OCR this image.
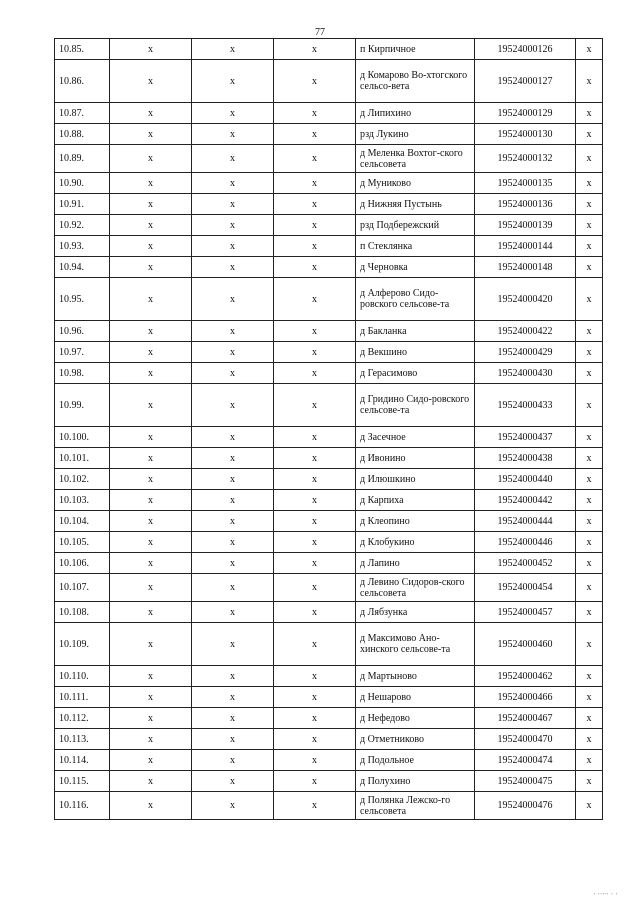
77
10.85.	x	x	x	п Кирпичное	19524000126	x
10.86.	x	x	x	д Комарово Во-хтогского сельсо-вета	19524000127	x
10.87.	x	x	x	д Липихино	19524000129	x
10.88.	x	x	x	рзд Лукино	19524000130	x
10.89.	x	x	x	д Меленка Вохтог-ского сельсовета	19524000132	x
10.90.	x	x	x	д Муниково	19524000135	x
10.91.	x	x	x	д Нижняя Пустынь	19524000136	x
10.92.	x	x	x	рзд Подбережский	19524000139	x
10.93.	x	x	x	п Стеклянка	19524000144	x
10.94.	x	x	x	д Черновка	19524000148	x
10.95.	x	x	x	д Алферово Сидо-ровского сельсове-та	19524000420	x
10.96.	x	x	x	д Бакланка	19524000422	x
10.97.	x	x	x	д Векшино	19524000429	x
10.98.	x	x	x	д Герасимово	19524000430	x
10.99.	x	x	x	д Гридино Сидо-ровского сельсове-та	19524000433	x
10.100.	x	x	x	д Засечное	19524000437	x
10.101.	x	x	x	д Ивонино	19524000438	x
10.102.	x	x	x	д Илюшкино	19524000440	x
10.103.	x	x	x	д Карпиха	19524000442	x
10.104.	x	x	x	д Клеопино	19524000444	x
10.105.	x	x	x	д Клобукино	19524000446	x
10.106.	x	x	x	д Лапино	19524000452	x
10.107.	x	x	x	д Левино Сидоров-ского сельсовета	19524000454	x
10.108.	x	x	x	д Лябзунка	19524000457	x
10.109.	x	x	x	д Максимово Ано-хинского сельсове-та	19524000460	x
10.110.	x	x	x	д Мартыново	19524000462	x
10.111.	x	x	x	д Нешарово	19524000466	x
10.112.	x	x	x	д Нефедово	19524000467	x
10.113.	x	x	x	д Отметниково	19524000470	x
10.114.	x	x	x	д Подольное	19524000474	x
10.115.	x	x	x	д Полухино	19524000475	x
10.116.	x	x	x	д Полянка Лежско-го сельсовета	19524000476	x
' ''''' ' '
